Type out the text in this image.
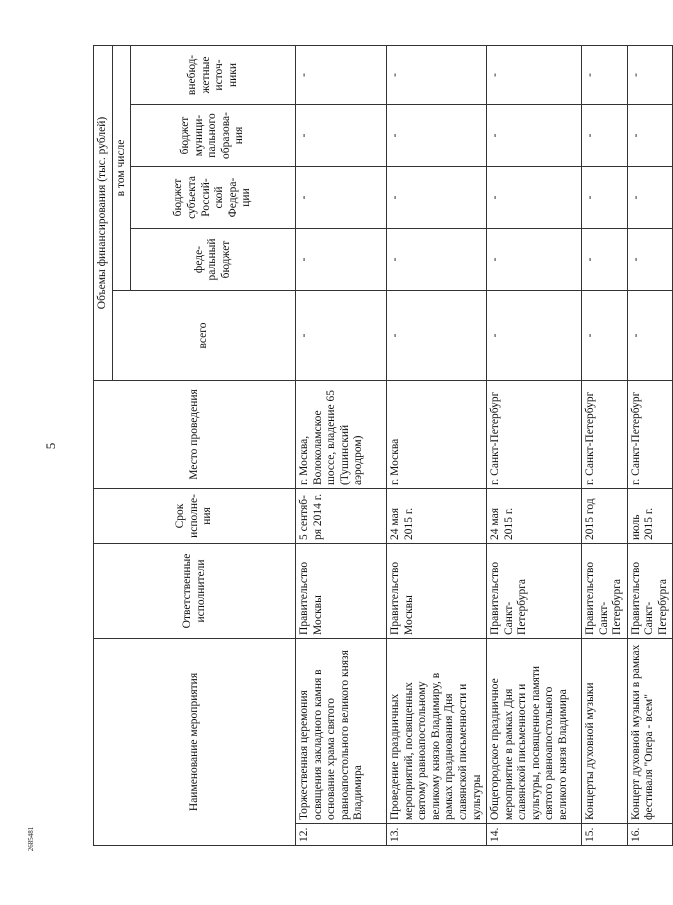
5
2685481
Наименование мероприятия		Ответственные исполнители	Срок исполне-ния	Место проведения	Объемы финансирования (тыс. рублей)				
					всего	в том числе			
						феде-ральный бюджет	бюджет субъекта Россий-ской Федера-ции	бюджет муници-пального образова-ния	внебюд-жетные источ-ники
12.	Торжественная церемония освящения закладного камня в основание храма святого равноапостольного великого князя Владимира	Правительство Москвы	5 сентяб-ря 2014 г.	г. Москва, Волоколамское шоссе, владение 65 (Тушинский аэродром)	-	-	-	-	-
13.	Проведение праздничных мероприятий, посвященных святому равноапостольному великому князю Владимиру, в рамках празднования Дня славянской письменности и культуры	Правительство Москвы	24 мая 2015 г.	г. Москва	-	-	-	-	-
14.	Общегородское праздничное мероприятие в рамках Дня славянской письменности и культуры, посвященное памяти святого равноапостольного великого князя Владимира	Правительство Санкт-Петербурга	24 мая 2015 г.	г. Санкт-Петербург	-	-	-	-	-
15.	Концерты духовной музыки	Правительство Санкт-Петербурга	2015 год	г. Санкт-Петербург	-	-	-	-	-
16.	Концерт духовной музыки в рамках фестиваля "Опера - всем"	Правительство Санкт-Петербурга	июль 2015 г.	г. Санкт-Петербург	-	-	-	-	-
